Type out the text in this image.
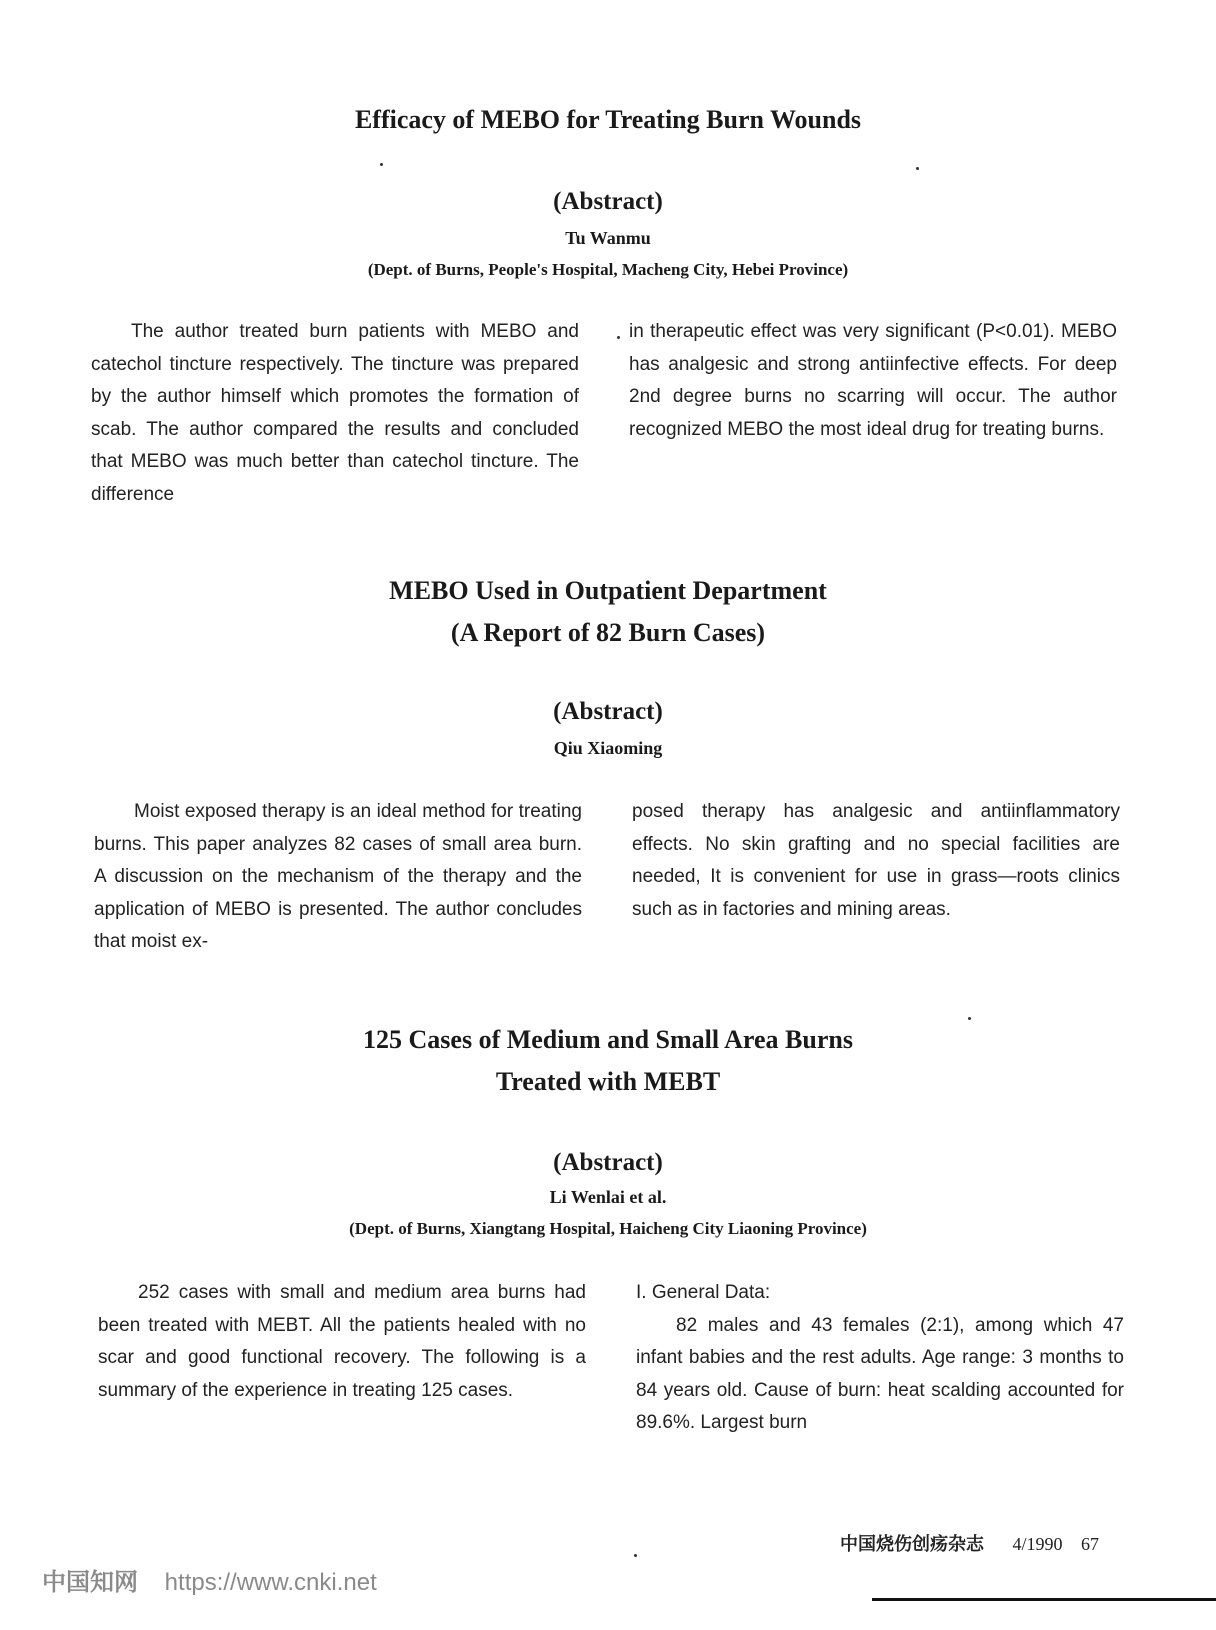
Efficacy of MEBO for Treating Burn Wounds
(Abstract)
Tu Wanmu
(Dept. of Burns, People's Hospital, Macheng City, Hebei Province)

The author treated burn patients with MEBO and catechol tincture respectively. The tincture was prepared by the author himself which promotes the formation of scab. The author compared the results and concluded that MEBO was much better than catechol tincture. The difference

in therapeutic effect was very significant (P<0.01). MEBO has analgesic and strong antiinfective effects. For deep 2nd degree burns no scarring will occur. The author recognized MEBO the most ideal drug for treating burns.

MEBO Used in Outpatient Department
(A Report of 82 Burn Cases)
(Abstract)
Qiu Xiaoming

Moist exposed therapy is an ideal method for treating burns. This paper analyzes 82 cases of small area burn. A discussion on the mechanism of the therapy and the application of MEBO is presented. The author concludes that moist ex-

posed therapy has analgesic and antiinflammatory effects. No skin grafting and no special facilities are needed, It is convenient for use in grass—roots clinics such as in factories and mining areas.

125 Cases of Medium and Small Area Burns
Treated with MEBT
(Abstract)
Li Wenlai et al.
(Dept. of Burns, Xiangtang Hospital, Haicheng City Liaoning Province)

252 cases with small and medium area burns had been treated with MEBT. All the patients healed with no scar and good functional recovery. The following is a summary of the experience in treating 125 cases.

I. General Data:

82 males and 43 females (2:1), among which 47 infant babies and the rest adults. Age range: 3 months to 84 years old. Cause of burn: heat scalding accounted for 89.6%. Largest burn

中国烧伤创疡杂志 4/1990 67
中国知网 https://www.cnki.net
